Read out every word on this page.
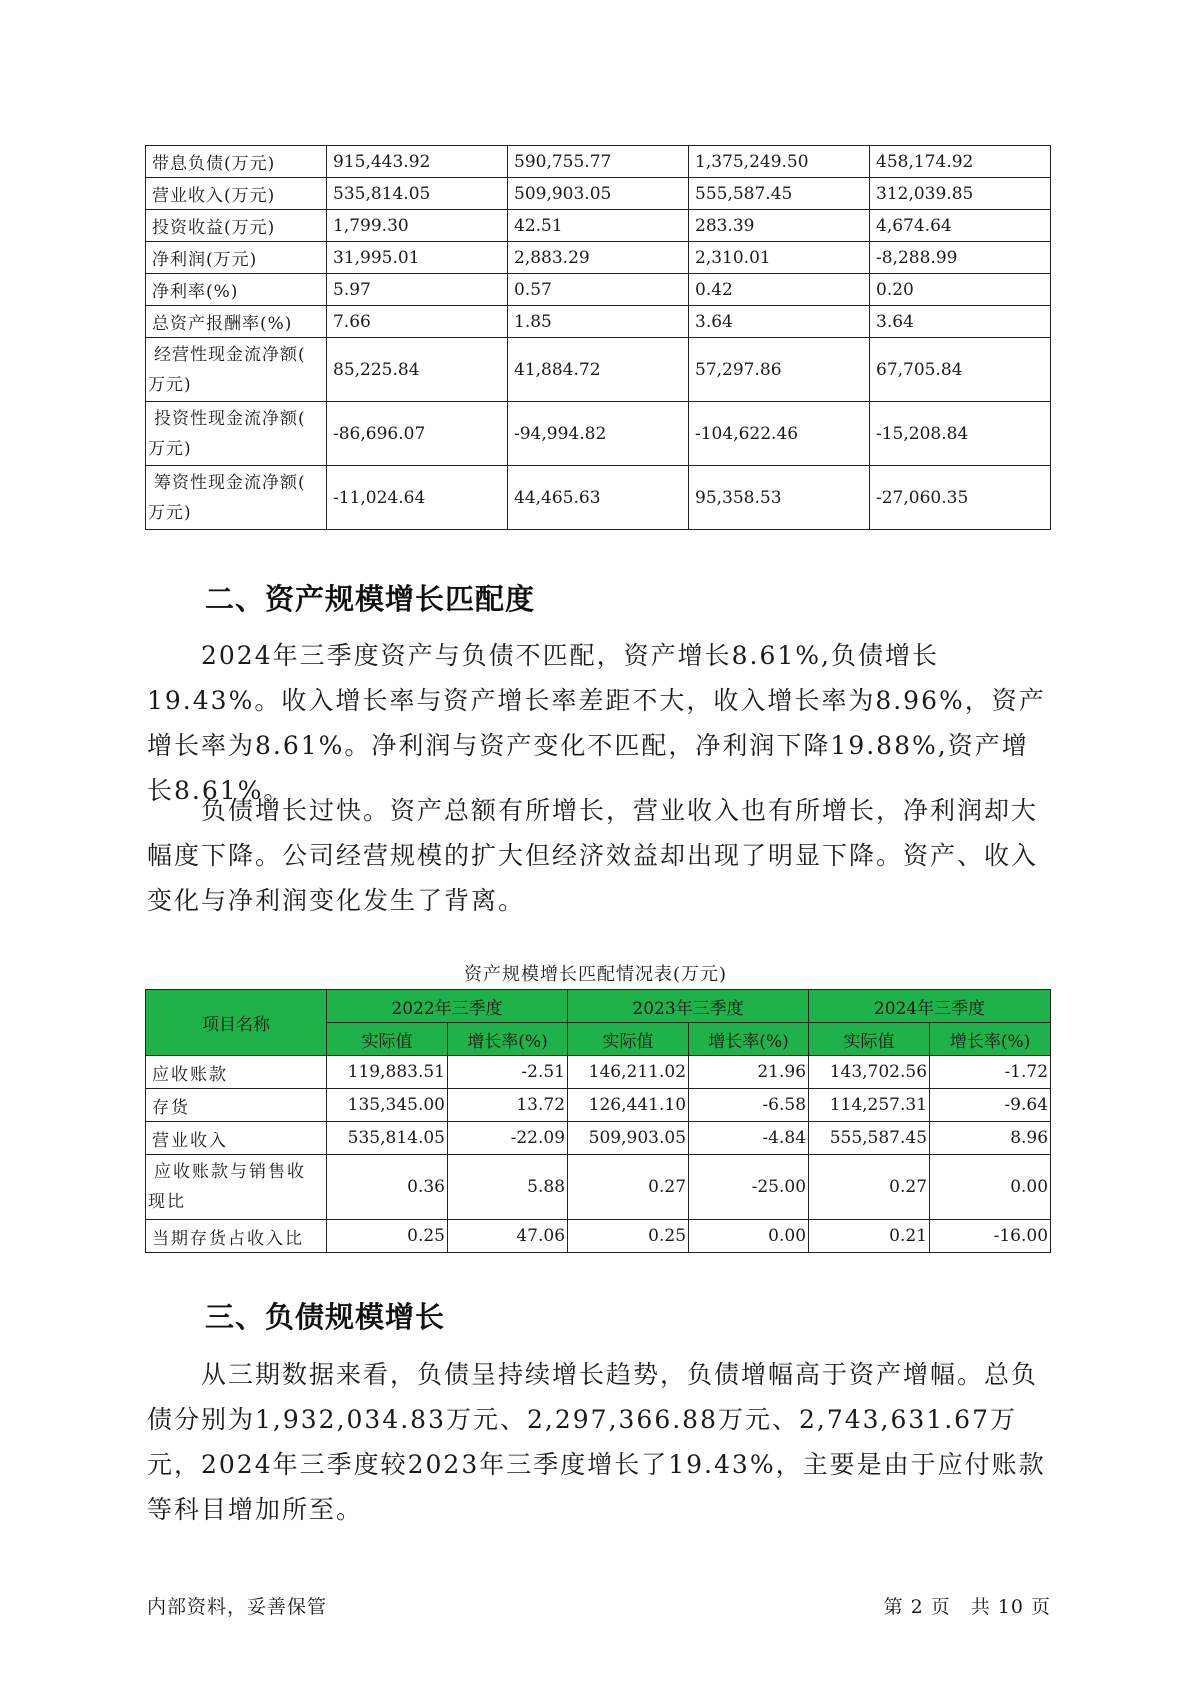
带息负债(万元)	915,443.92	590,755.77	1,375,249.50	458,174.92
营业收入(万元)	535,814.05	509,903.05	555,587.45	312,039.85
投资收益(万元)	1,799.30	42.51	283.39	4,674.64
净利润(万元)	31,995.01	2,883.29	2,310.01	-8,288.99
净利率(%)	5.97	0.57	0.42	0.20
总资产报酬率(%)	7.66	1.85	3.64	3.64

经营性现金流净额(
万元)	85,225.84	41,884.72	57,297.86	67,705.84

投资性现金流净额(
万元)	-86,696.07	-94,994.82	-104,622.46	-15,208.84

筹资性现金流净额(
万元)	-11,024.64	44,465.63	95,358.53	-27,060.35
二、资产规模增长匹配度

2024年三季度资产与负债不匹配，资产增长8.61%,负债增长19.43%。收入增长率与资产增长率差距不大，收入增长率为8.96%，资产增长率为8.61%。净利润与资产变化不匹配，净利润下降19.88%,资产增长8.61%。

负债增长过快。资产总额有所增长，营业收入也有所增长，净利润却大幅度下降。公司经营规模的扩大但经济效益却出现了明显下降。资产、收入变化与净利润变化发生了背离。

资产规模增长匹配情况表(万元)
项目名称	2022年三季度		2023年三季度		2024年三季度	
	实际值	增长率(%)	实际值	增长率(%)	实际值	增长率(%)
应收账款	119,883.51	-2.51	146,211.02	21.96	143,702.56	-1.72
存货	135,345.00	13.72	126,441.10	-6.58	114,257.31	-9.64
营业收入	535,814.05	-22.09	509,903.05	-4.84	555,587.45	8.96

应收账款与销售收
现比	0.36	5.88	0.27	-25.00	0.27	0.00
当期存货占收入比	0.25	47.06	0.25	0.00	0.21	-16.00
三、负债规模增长

从三期数据来看，负债呈持续增长趋势，负债增幅高于资产增幅。总负债分别为1,932,034.83万元、2,297,366.88万元、2,743,631.67万元，2024年三季度较2023年三季度增长了19.43%，主要是由于应付账款等科目增加所至。

内部资料，妥善保管	第 2 页　共 10 页
